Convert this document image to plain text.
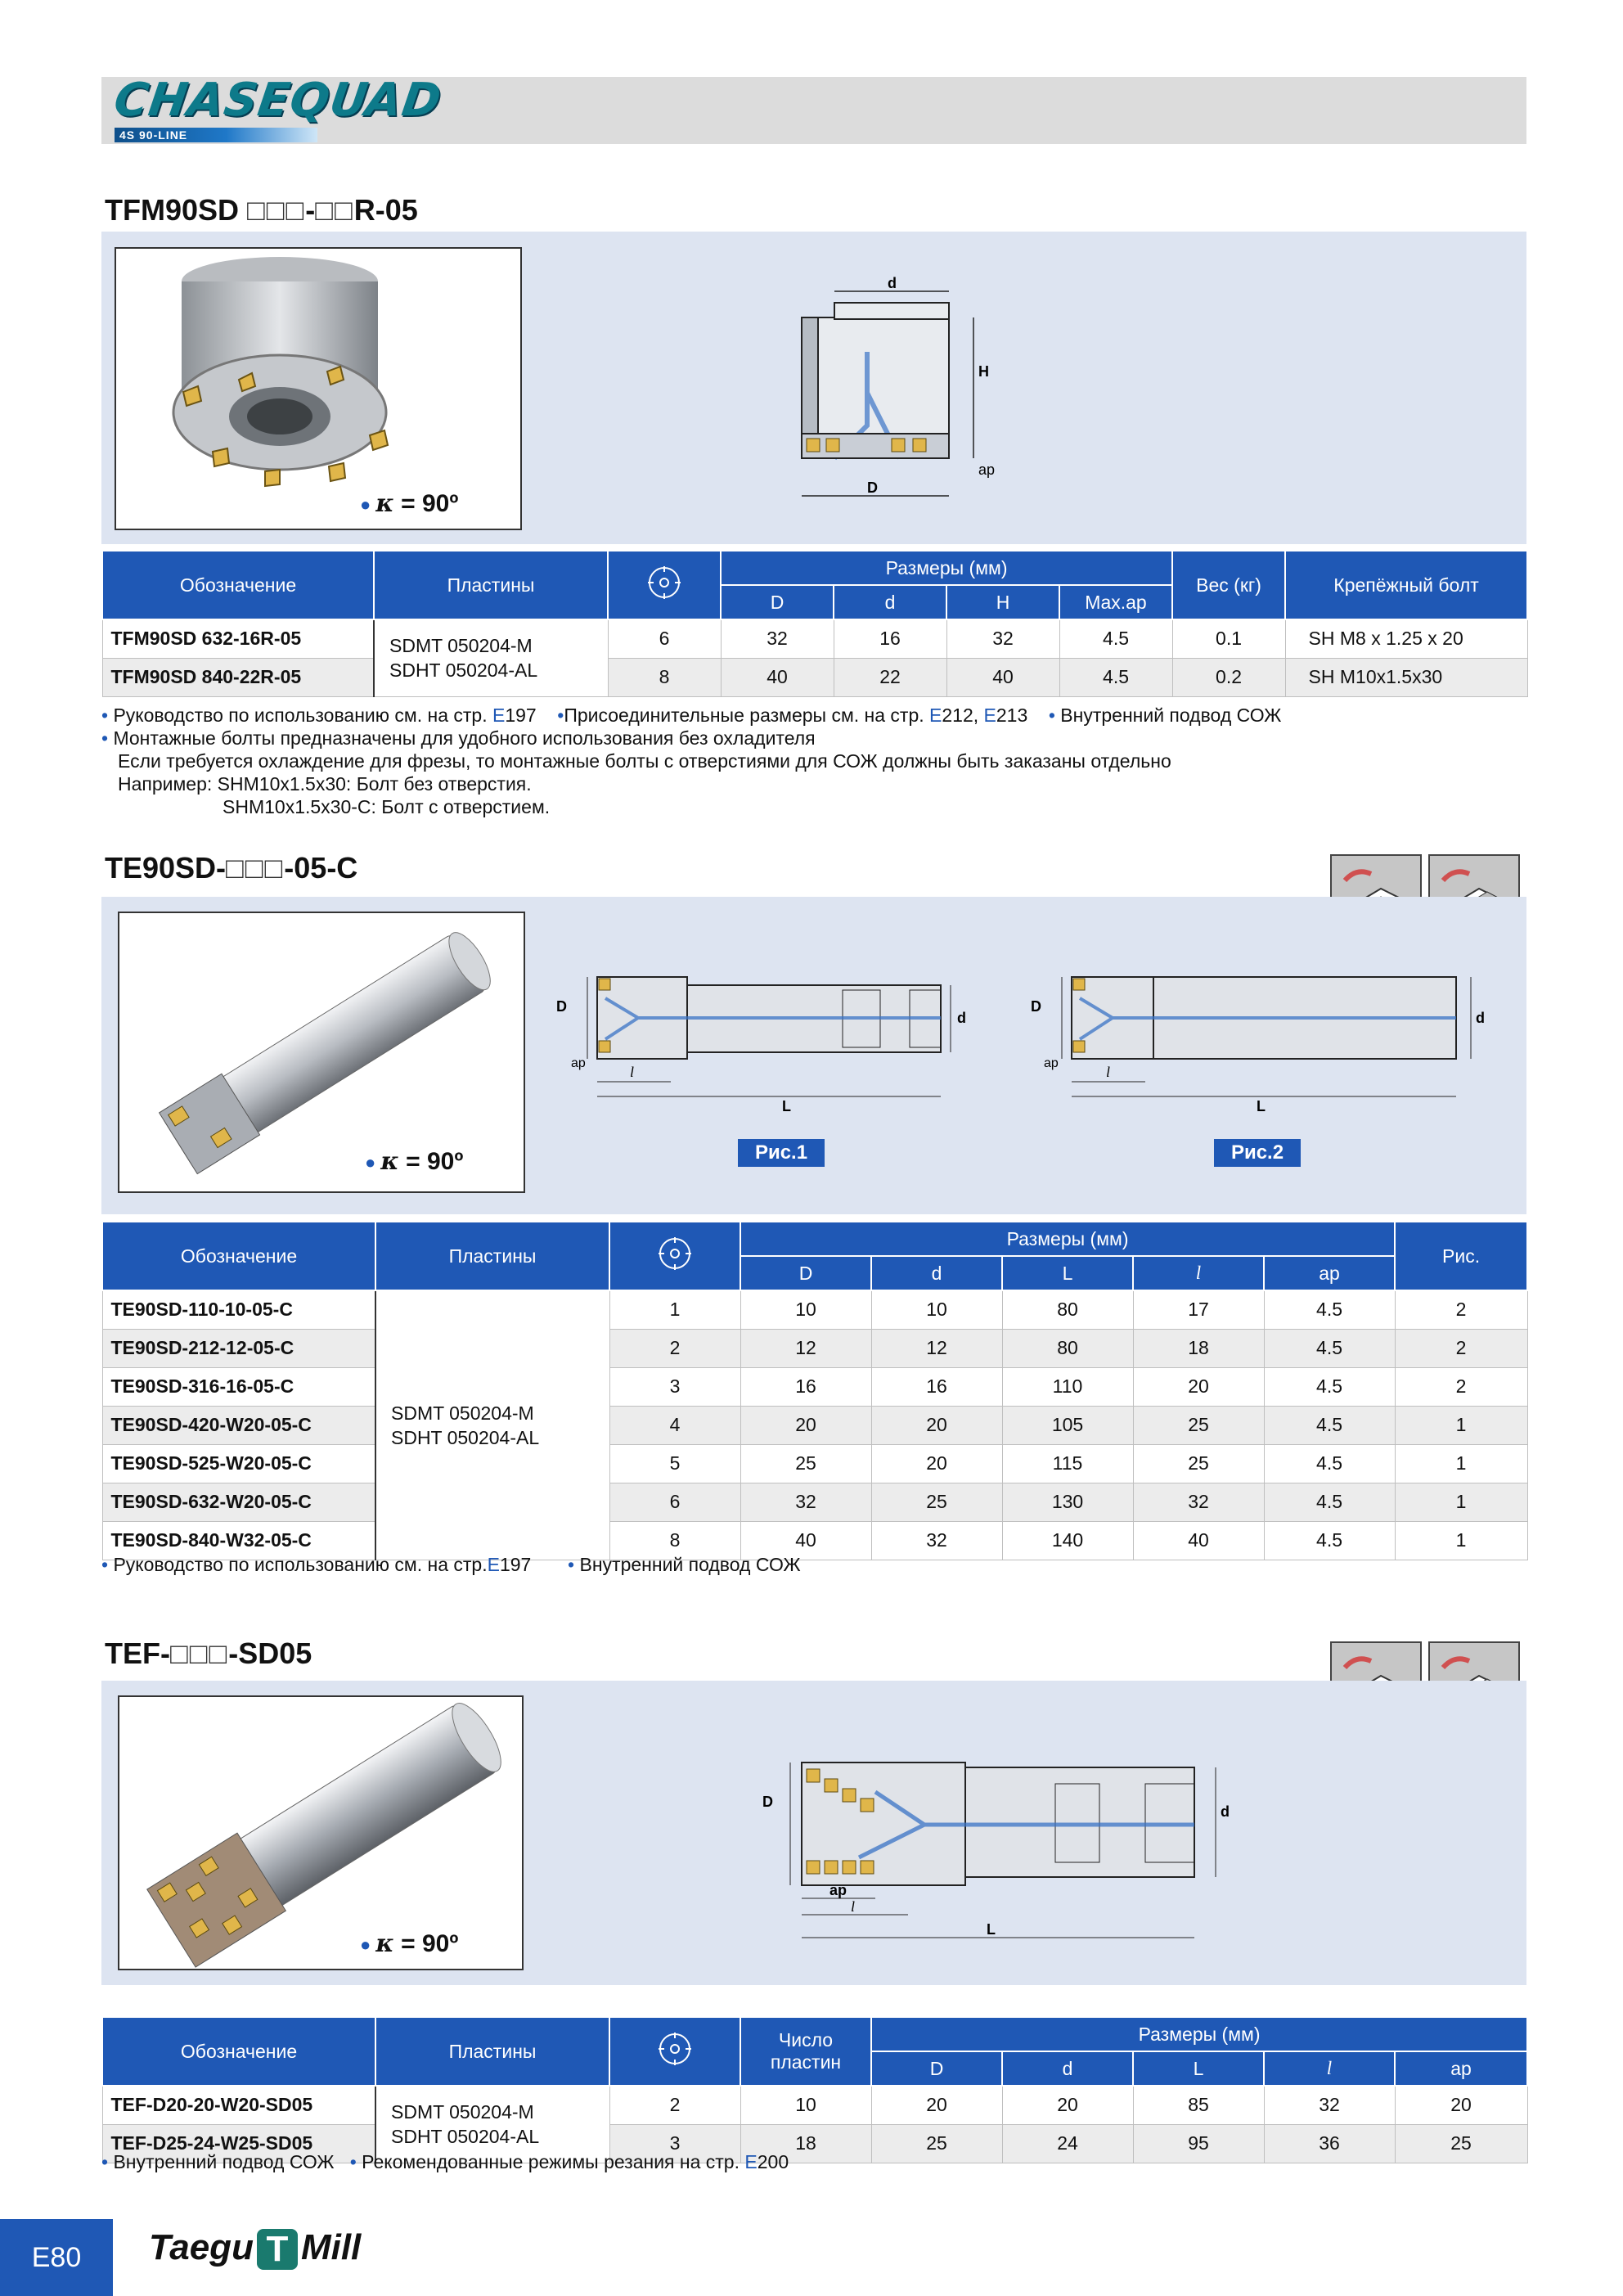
CHASEQUAD
4S 90-LINE
TFM90SD □□□-□□R-05
● κ = 90º
d
D
H
ap
Обозначение	Пластины		Размеры (мм)				Вес (кг)	Крепёжный болт
			D	d	H	Max.ap		
TFM90SD 632-16R-05	SDMT 050204-M
SDHT 050204-AL	6	32	16	32	4.5	0.1	SH M8 x 1.25 x 20
TFM90SD 840-22R-05		8	40	22	40	4.5	0.2	SH M10x1.5x30
• Руководство по использованию см. на стр. E197 •Присоединительные размеры см. на стр. E212, E213 • Внутренний подвод СОЖ
• Монтажные болты предназначены для удобного использования без охладителя
Если требуется охлаждение для фрезы, то монтажные болты с отверстиями для СОЖ должны быть заказаны отдельно
Например: SHM10x1.5x30: Болт без отверстия.
SHM10x1.5x30-C: Болт с отверстием.
TE90SD-□□□-05-C
● κ = 90º
D
ap
l
L
d
Рис.1
D
ap
l
L
d
Рис.2
Обозначение	Пластины		Размеры (мм)					Рис.
			D	d	L	l	ap	
TE90SD-110-10-05-C	SDMT 050204-M
SDHT 050204-AL	1	10	10	80	17	4.5	2
TE90SD-212-12-05-C		2	12	12	80	18	4.5	2
TE90SD-316-16-05-C		3	16	16	110	20	4.5	2
TE90SD-420-W20-05-C		4	20	20	105	25	4.5	1
TE90SD-525-W20-05-C		5	25	20	115	25	4.5	1
TE90SD-632-W20-05-C		6	32	25	130	32	4.5	1
TE90SD-840-W32-05-C		8	40	32	140	40	4.5	1
• Руководство по использованию см. на стр.E197 • Внутренний подвод СОЖ
TEF-□□□-SD05
● κ = 90º
D
ap
l
L
d
Обозначение	Пластины		Число пластин	Размеры (мм)				
				D	d	L	l	ap
TEF-D20-20-W20-SD05	SDMT 050204-M
SDHT 050204-AL	2	10	20	20	85	32	20
TEF-D25-24-W25-SD05		3	18	25	24	95	36	25
• Внутренний подвод СОЖ • Рекомендованные режимы резания на стр. E200
E80	Taegu T Mill
